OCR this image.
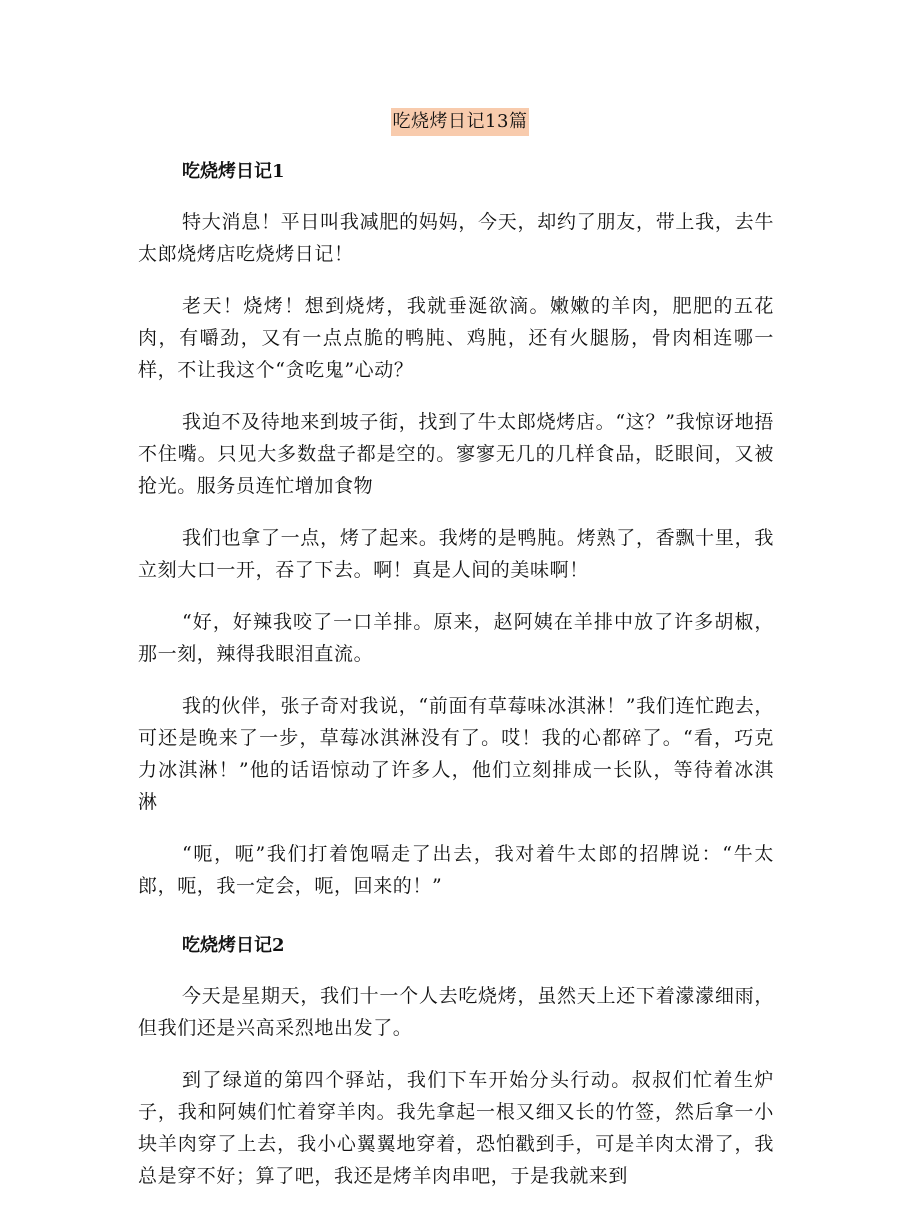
吃烧烤日记13篇
吃烧烤日记1

特大消息！平日叫我减肥的妈妈，今天，却约了朋友，带上我，去牛太郎烧烤店吃烧烤日记！

老天！烧烤！想到烧烤，我就垂涎欲滴。嫩嫩的羊肉，肥肥的五花肉，有嚼劲，又有一点点脆的鸭肫、鸡肫，还有火腿肠，骨肉相连哪一样，不让我这个“贪吃鬼”心动？

我迫不及待地来到坡子街，找到了牛太郎烧烤店。“这？”我惊讶地捂不住嘴。只见大多数盘子都是空的。寥寥无几的几样食品，眨眼间，又被抢光。服务员连忙增加食物

我们也拿了一点，烤了起来。我烤的是鸭肫。烤熟了，香飘十里，我立刻大口一开，吞了下去。啊！真是人间的美味啊！

“好，好辣我咬了一口羊排。原来，赵阿姨在羊排中放了许多胡椒，那一刻，辣得我眼泪直流。

我的伙伴，张子奇对我说，“前面有草莓味冰淇淋！”我们连忙跑去，可还是晚来了一步，草莓冰淇淋没有了。哎！我的心都碎了。“看，巧克力冰淇淋！”他的话语惊动了许多人，他们立刻排成一长队，等待着冰淇淋

“呃，呃”我们打着饱嗝走了出去，我对着牛太郎的招牌说：“牛太郎，呃，我一定会，呃，回来的！”

吃烧烤日记2

今天是星期天，我们十一个人去吃烧烤，虽然天上还下着濛濛细雨，但我们还是兴高采烈地出发了。

到了绿道的第四个驿站，我们下车开始分头行动。叔叔们忙着生炉子，我和阿姨们忙着穿羊肉。我先拿起一根又细又长的竹签，然后拿一小块羊肉穿了上去，我小心翼翼地穿着，恐怕戳到手，可是羊肉太滑了，我总是穿不好；算了吧，我还是烤羊肉串吧，于是我就来到
